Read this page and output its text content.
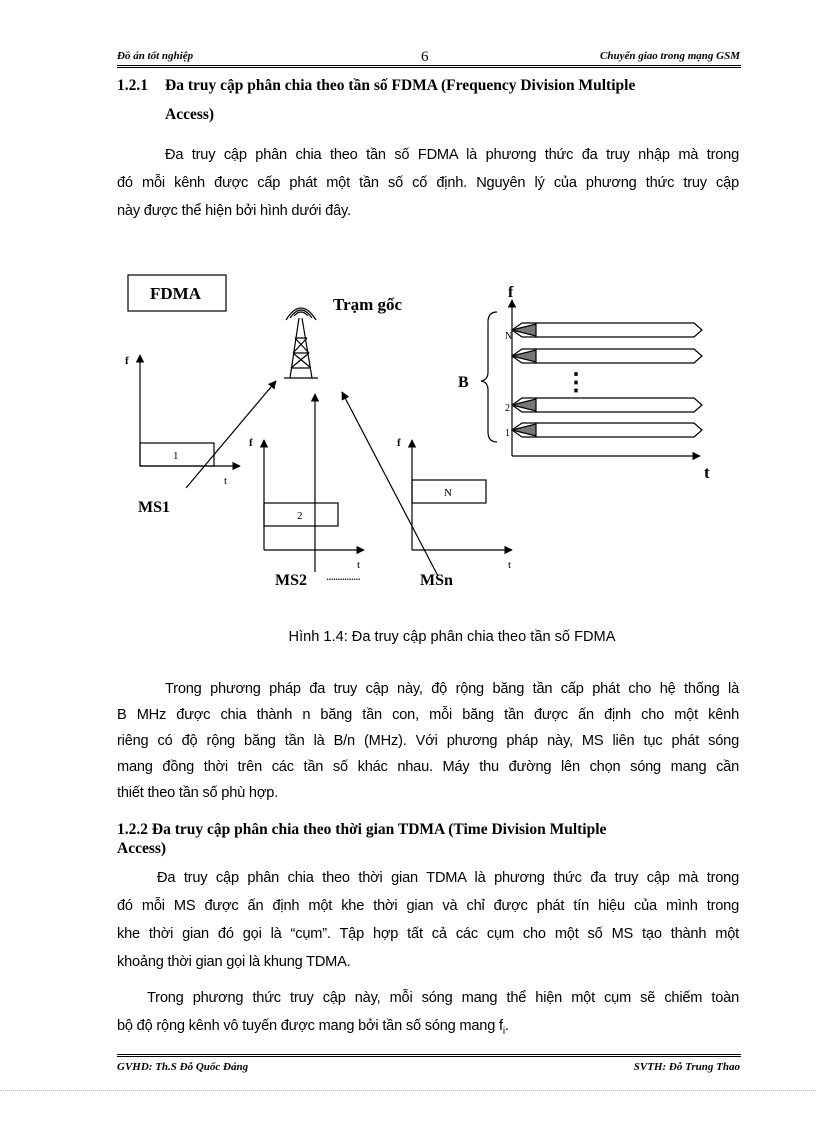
Đồ án tốt nghiệp	6	Chuyển giao trong mạng GSM
1.2.1 Đa truy cập phân chia theo tần số FDMA (Frequency Division Multiple
Access)
Đa truy cập phân chia theo tần số FDMA là phương thức đa truy nhập mà trong
đó mỗi kênh được cấp phát một tần số cố định. Nguyên lý của phương thức truy cập
này được thể hiện bởi hình dưới đây.
FDMA
Trạm gốc
f
t
1
MS1
f
t
2
MS2 ...............
f
t
N
MSn
f
t
B
N
2
1
⋮
Hình 1.4: Đa truy cập phân chia theo tần số FDMA
Trong phương pháp đa truy cập này, độ rộng băng tần cấp phát cho hệ thống là
B MHz được chia thành n băng tần con, mỗi băng tần được ấn định cho một kênh
riêng có độ rộng băng tần là B/n (MHz). Với phương pháp này, MS liên tục phát sóng
mang đồng thời trên các tần số khác nhau. Máy thu đường lên chọn sóng mang cần
thiết theo tần số phù hợp.
1.2.2 Đa truy cập phân chia theo thời gian TDMA (Time Division Multiple
Access)
Đa truy cập phân chia theo thời gian TDMA là phương thức đa truy cập mà trong
đó mỗi MS được ấn định một khe thời gian và chỉ được phát tín hiệu của mình trong
khe thời gian đó gọi là “cụm”. Tập hợp tất cả các cụm cho một số MS tạo thành một
khoảng thời gian gọi là khung TDMA.
Trong phương thức truy cập này, mỗi sóng mang thể hiện một cụm sẽ chiếm toàn
bộ độ rộng kênh vô tuyến được mang bởi tần số sóng mang $f_i$.
GVHD: Th.S Đỗ Quốc Đáng	SVTH: Đỗ Trung Thao
